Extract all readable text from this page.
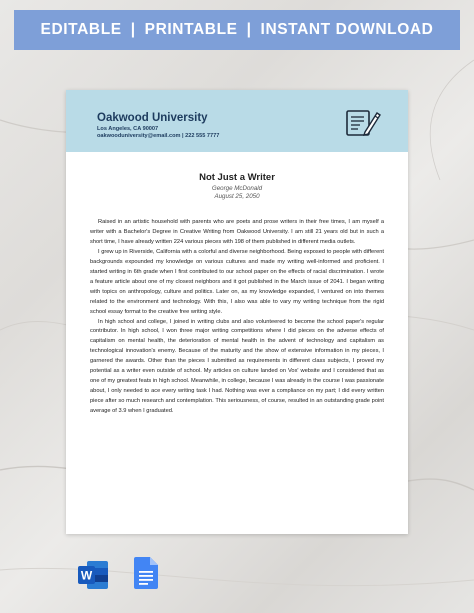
EDITABLE | PRINTABLE | INSTANT DOWNLOAD
Oakwood University
Los Angeles, CA 90007
oakwooduniversity@email.com | 222 555 7777
Not Just a Writer
George McDonald
August 25, 2050

Raised in an artistic household with parents who are poets and prose writers in their free times, I am myself a writer with a Bachelor's Degree in Creative Writing from Oakwood University. I am still 21 years old but in such a short time, I have already written 224 various pieces with 198 of them published in different media outlets.

I grew up in Riverside, California with a colorful and diverse neighborhood. Being exposed to people with different backgrounds expounded my knowledge on various cultures and made my writing well-informed and proficient. I started writing in 6th grade when I first contributed to our school paper on the effects of racial discrimination. I wrote a feature article about one of my closest neighbors and it got published in the March issue of 2041. I began writing with topics on anthropology, culture and politics. Later on, as my knowledge expanded, I ventured on into themes related to the environment and technology. With this, I also was able to vary my writing technique from the rigid school essay format to the creative free writing style.

In high school and college, I joined in writing clubs and also volunteered to become the school paper's regular contributor. In high school, I won three major writing competitions where I did pieces on the adverse effects of capitalism on mental health, the deterioration of mental health in the advent of technology and capitalism as technological innovation's enemy. Because of the maturity and the show of extensive information in my pieces, I garnered the awards. Other than the pieces I submitted as requirements in different class subjects, I proved my potential as a writer even outside of school. My articles on culture landed on Vox' website and I considered that as one of my greatest feats in high school. Meanwhile, in college, because I was already in the course I was passionate about, I only needed to ace every writing task I had. Nothing was ever a compliance on my part; I did every written piece after so much research and contemplation. This seriousness, of course, resulted in an outstanding grade point average of 3.9 when I graduated.

W
